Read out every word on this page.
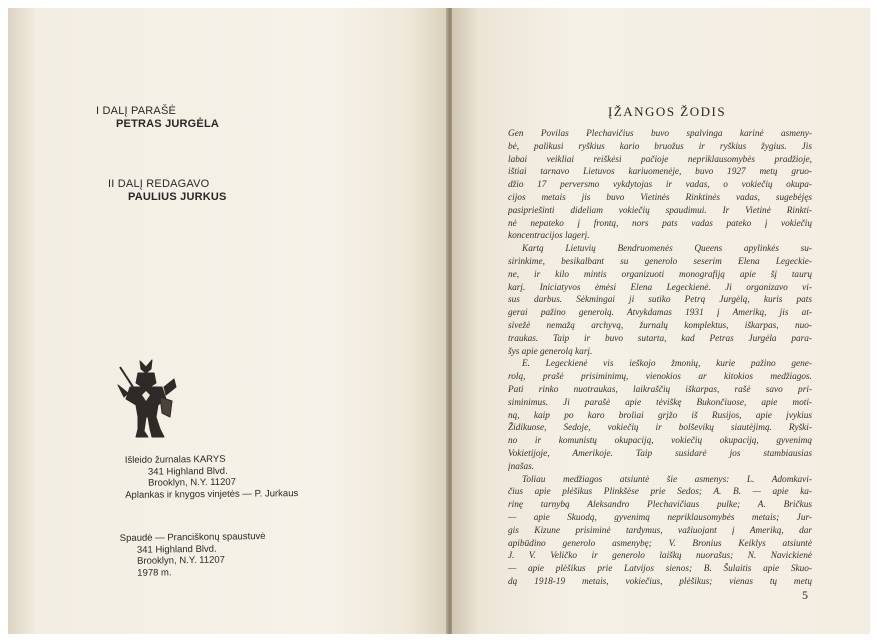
I DALĮ PARAŠĖ
PETRAS JURGĖLA
II DALĮ REDAGAVO
PAULIUS JURKUS
Išleido žurnalas KARYS
341 Highland Blvd.
Brooklyn, N.Y. 11207
Aplankas ir knygos vinjetės — P. Jurkaus
Spaudė — Pranciškonų spaustuvė
341 Highland Blvd.
Brooklyn, N.Y. 11207
1978 m.
ĮŽANGOS ŽODIS
Gen Povilas Plechavičius buvo spalvinga karinė asmeny-
bė, palikusi ryškius kario bruožus ir ryškius žygius. Jis
labai veikliai reiškėsi pačioje nepriklausomybės pradžioje,
ištiai tarnavo Lietuvos kariuomenėje, buvo 1927 metų gruo-
džio 17 perversmo vykdytojas ir vadas, o vokiečių okupa-
cijos metais jis buvo Vietinės Rinktinės vadas, sugebėjęs
pasipriešinti dideliam vokiečių spaudimui. Ir Vietinė Rinkti-
nė nepateko į frontą, nors pats vadas pateko į vokiečių
koncentracijos lagerį.
Kartą Lietuvių Bendruomenės Queens apylinkės su-
sirinkime, besikalbant su generolo seserim Elena Legeckie-
ne, ir kilo mintis organizuoti monografiją apie šį taurų
karį. Iniciatyvos ėmėsi Elena Legeckienė. Ji organizavo vi-
sus darbus. Sėkmingai ji sutiko Petrą Jurgėlą, kuris pats
gerai pažino generolą. Atvykdamas 1931 į Ameriką, jis at-
sivežė nemažą archyvą, žurnalų komplektus, iškarpas, nuo-
traukas. Taip ir buvo sutarta, kad Petras Jurgėla para-
šys apie generolą karį.
E. Legeckienė vis ieškojo žmonių, kurie pažino gene-
rolą, prašė prisiminimų, vienokios ar kitokios medžiagos.
Pati rinko nuotraukas, laikraščių iškarpas, rašė savo pri-
siminimus. Ji parašė apie tėviškę Bukončiuose, apie moti-
ną, kaip po karo broliai grįžo iš Rusijos, apie įvykius
Židikuose, Sedoje, vokiečių ir bolševikų siautėjimą. Ryški-
no ir komunistų okupaciją, vokiečių okupaciją, gyvenimą
Vokietijoje, Amerikoje. Taip susidarė jos stambiausias
įnašas.
Toliau medžiagos atsiuntė šie asmenys: L. Adomkavi-
čius apie plėšikus Plinkšėse prie Sedos; A. B. — apie ka-
rinę tarnybą Aleksandro Plechavičiaus pulke; A. Bričkus
— apie Skuodą, gyvenimą nepriklausomybės metais; Jur-
gis Kizune prisiminė tardymus, važiuojant į Ameriką, dar
apibūdino generolo asmenybę; V. Bronius Keiklys atsiuntė
J. V. Veličko ir generolo laiškų nuorašus; N. Navickienė
— apie plėšikus prie Latvijos sienos; B. Šulaitis apie Skuo-
dą 1918-19 metais, vokiečius, plėšikus; vienas tų metų
5
